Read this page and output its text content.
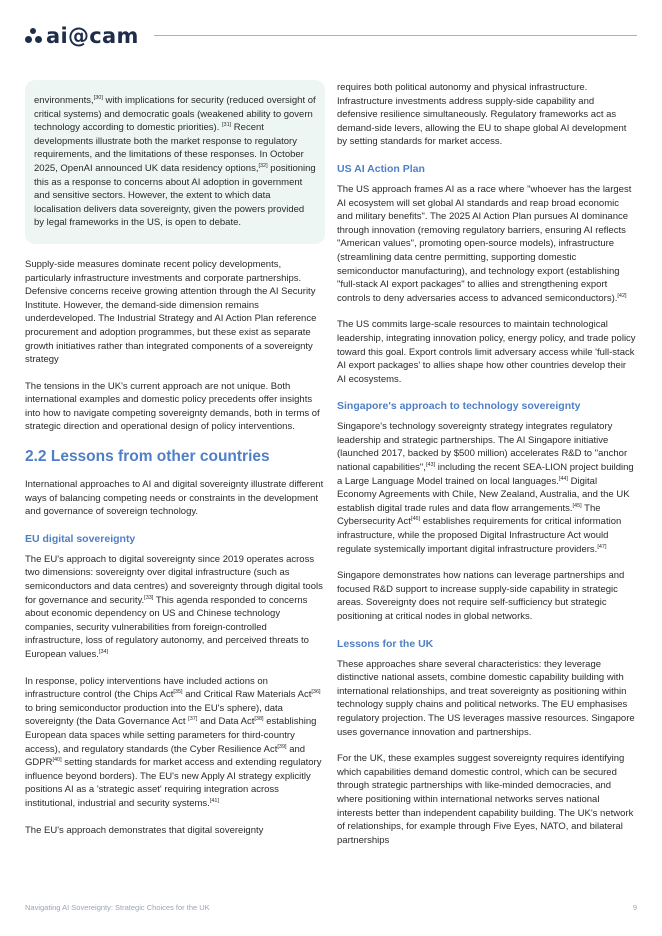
ai@cam

environments,[30] with implications for security (reduced oversight of critical systems) and democratic goals (weakened ability to govern technology according to domestic priorities). [31] Recent developments illustrate both the market response to regulatory requirements, and the limitations of these responses. In October 2025, OpenAI announced UK data residency options,[32] positioning this as a response to concerns about AI adoption in government and sensitive sectors. However, the extent to which data localisation delivers data sovereignty, given the powers provided by legal frameworks in the US, is open to debate.

Supply-side measures dominate recent policy developments, particularly infrastructure investments and corporate partnerships. Defensive concerns receive growing attention through the AI Security Institute. However, the demand-side dimension remains underdeveloped. The Industrial Strategy and AI Action Plan reference procurement and adoption programmes, but these exist as separate growth initiatives rather than integrated components of a sovereignty strategy

The tensions in the UK's current approach are not unique. Both international examples and domestic policy precedents offer insights into how to navigate competing sovereignty demands, both in terms of strategic direction and operational design of policy interventions.

2.2 Lessons from other countries

International approaches to AI and digital sovereignty illustrate different ways of balancing competing needs or constraints in the development and governance of sovereign technology.

EU digital sovereignty

The EU's approach to digital sovereignty since 2019 operates across two dimensions: sovereignty over digital infrastructure (such as semiconductors and data centres) and sovereignty through digital tools for governance and security.[33] This agenda responded to concerns about economic dependency on US and Chinese technology companies, security vulnerabilities from foreign-controlled infrastructure, loss of regulatory autonomy, and perceived threats to European values.[34]

In response, policy interventions have included actions on infrastructure control (the Chips Act[35] and Critical Raw Materials Act[36] to bring semiconductor production into the EU's sphere), data sovereignty (the Data Governance Act [37] and Data Act[38] establishing European data spaces while setting parameters for third-country access), and regulatory standards (the Cyber Resilience Act[39] and GDPR[40] setting standards for market access and extending regulatory influence beyond borders). The EU's new Apply AI strategy explicitly positions AI as a 'strategic asset' requiring integration across institutional, industrial and security systems.[41]

The EU's approach demonstrates that digital sovereignty

requires both political autonomy and physical infrastructure. Infrastructure investments address supply-side capability and defensive resilience simultaneously. Regulatory frameworks act as demand-side levers, allowing the EU to shape global AI development by setting standards for market access.

US AI Action Plan

The US approach frames AI as a race where "whoever has the largest AI ecosystem will set global AI standards and reap broad economic and military benefits". The 2025 AI Action Plan pursues AI dominance through innovation (removing regulatory barriers, ensuring AI reflects "American values", promoting open-source models), infrastructure (streamlining data centre permitting, supporting domestic semiconductor manufacturing), and technology export (establishing "full-stack AI export packages" to allies and strengthening export controls to deny adversaries access to advanced semiconductors).[42]

The US commits large-scale resources to maintain technological leadership, integrating innovation policy, energy policy, and trade policy toward this goal. Export controls limit adversary access while 'full-stack AI export packages' to allies shape how other countries develop their AI ecosystems.

Singapore's approach to technology sovereignty

Singapore's technology sovereignty strategy integrates regulatory leadership and strategic partnerships. The AI Singapore initiative (launched 2017, backed by $500 million) accelerates R&D to "anchor national capabilities",[43] including the recent SEA-LION project building a Large Language Model trained on local languages.[44] Digital Economy Agreements with Chile, New Zealand, Australia, and the UK establish digital trade rules and data flow arrangements.[45] The Cybersecurity Act[46] establishes requirements for critical information infrastructure, while the proposed Digital Infrastructure Act would regulate systemically important digital infrastructure providers.[47]

Singapore demonstrates how nations can leverage partnerships and focused R&D support to increase supply-side capability in strategic areas. Sovereignty does not require self-sufficiency but strategic positioning at critical nodes in global networks.

Lessons for the UK

These approaches share several characteristics: they leverage distinctive national assets, combine domestic capability building with international relationships, and treat sovereignty as positioning within technology supply chains and political networks. The EU emphasises regulatory projection. The US leverages massive resources. Singapore uses governance innovation and partnerships.

For the UK, these examples suggest sovereignty requires identifying which capabilities demand domestic control, which can be secured through strategic partnerships with like-minded democracies, and where positioning within international networks serves national interests better than independent capability building. The UK's network of relationships, for example through Five Eyes, NATO, and bilateral partnerships

Navigating AI Sovereignty: Strategic Choices for the UK	9
